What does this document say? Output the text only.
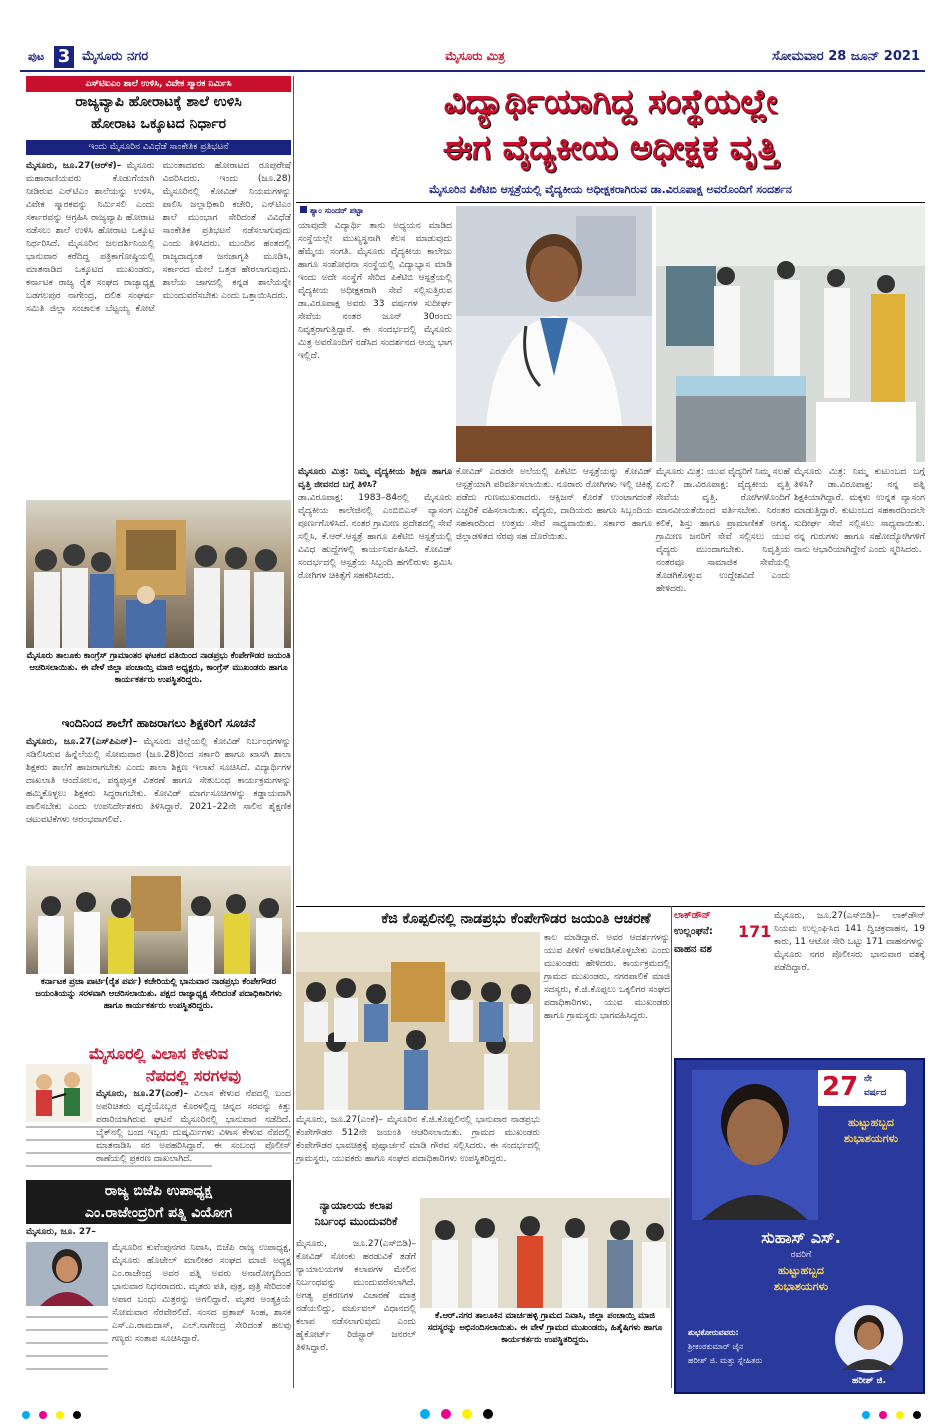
ಪುಟ 3 ಮೈಸೂರು ನಗರ	ಮೈಸೂರು ಮಿತ್ರ	ಸೋಮವಾರ 28 ಜೂನ್ 2021
ಎಸ್‌ಟಿಐಎಂ ಶಾಲೆ ಉಳಿಸಿ, ವಿವೇಕ ಸ್ಮಾರಕ ನಿರ್ಮಿಸಿ
ರಾಜ್ಯವ್ಯಾಪಿ ಹೋರಾಟಕ್ಕೆ ಶಾಲೆ ಉಳಿಸಿ
ಹೋರಾಟ ಒಕ್ಕೂಟದ ನಿರ್ಧಾರ
ಇಂದು ಮೈಸೂರಿನ ವಿವಿಧೆಡೆ ಸಾಂಕೇತಿಕ ಪ್ರತಿಭಟನೆ
ಮೈಸೂರು, ಜೂ.27(ಆರ್‌ಕೆ)– ಮೈಸೂರು ಮಹಾರಾಣಿಯವರು ಕೊಡುಗೆಯಾಗಿ ನೀಡಿರುವ ಎನ್‌ಟಿಎಂ ಶಾಲೆಯನ್ನು ಉಳಿಸಿ, ವಿವೇಕ ಸ್ಮಾರಕವನ್ನು ನಿರ್ಮಿಸಲಿ ಎಂದು ಸರ್ಕಾರವನ್ನು ಆಗ್ರಹಿಸಿ ರಾಜ್ಯವ್ಯಾಪಿ ಹೋರಾಟ ನಡೆಸಲು ಶಾಲೆ ಉಳಿಸಿ ಹೋರಾಟ ಒಕ್ಕೂಟ ನಿರ್ಧರಿಸಿದೆ. ಮೈಸೂರಿನ ಜಲದರ್ಶಿನಿಯಲ್ಲಿ ಭಾನುವಾರ ಕರೆದಿದ್ದ ಪತ್ರಿಕಾಗೋಷ್ಠಿಯಲ್ಲಿ ಮಾತನಾಡಿದ ಒಕ್ಕೂಟದ ಮುಖಂಡರು, ಕರ್ನಾಟಕ ರಾಜ್ಯ ರೈತ ಸಂಘದ ರಾಜ್ಯಾಧ್ಯಕ್ಷ ಬಡಗಲಪುರ ನಾಗೇಂದ್ರ, ದಲಿತ ಸಂಘರ್ಷ ಸಮಿತಿ ಜಿಲ್ಲಾ ಸಂಚಾಲಕ ಬೆಟ್ಟಯ್ಯ ಕೋಟೆ ಮುಂತಾದವರು ಹೋರಾಟದ ರೂಪುರೇಷೆ ವಿವರಿಸಿದರು. ಇಂದು (ಜೂ.28) ಮೈಸೂರಿನಲ್ಲಿ ಕೋವಿಡ್ ನಿಯಮಗಳನ್ನು ಪಾಲಿಸಿ ಜಲ್ಲಾಧಿಕಾರಿ ಕಚೇರಿ, ಎನ್‌ಟಿಎಂ ಶಾಲೆ ಮುಂಭಾಗ ಸೇರಿದಂತೆ ವಿವಿಧೆಡೆ ಸಾಂಕೇತಿಕ ಪ್ರತಿಭಟನೆ ನಡೆಸಲಾಗುವುದು ಎಂದು ತಿಳಿಸಿದರು. ಮುಂದಿನ ಹಂತದಲ್ಲಿ ರಾಜ್ಯದಾದ್ಯಂತ ಜನಜಾಗೃತಿ ಮೂಡಿಸಿ, ಸರ್ಕಾರದ ಮೇಲೆ ಒತ್ತಡ ಹೇರಲಾಗುವುದು. ಶಾಲೆಯ ಜಾಗದಲ್ಲಿ ಕನ್ನಡ ಶಾಲೆಯನ್ನೇ ಮುಂದುವರೆಸಬೇಕು ಎಂದು ಒತ್ತಾಯಿಸಿದರು.
ಮೈಸೂರು ತಾಲೂಕು ಕಾಂಗ್ರೆಸ್ ಗ್ರಾಮಾಂತರ ಘಟಕದ ವತಿಯಿಂದ ನಾಡಪ್ರಭು ಕೆಂಪೇಗೌಡರ ಜಯಂತಿ ಆಚರಿಸಲಾಯಿತು. ಈ ವೇಳೆ ಜಿಲ್ಲಾ ಪಂಚಾಯ್ತಿ ಮಾಜಿ ಅಧ್ಯಕ್ಷರು, ಕಾಂಗ್ರೆಸ್ ಮುಖಂಡರು ಹಾಗೂ ಕಾರ್ಯಕರ್ತರು ಉಪಸ್ಥಿತರಿದ್ದರು.
ಇಂದಿನಿಂದ ಶಾಲೆಗೆ ಹಾಜರಾಗಲು ಶಿಕ್ಷಕರಿಗೆ ಸೂಚನೆ
ಮೈಸೂರು, ಜೂ.27(ಎಸ್‌ಪಿಎನ್)– ಮೈಸೂರು ಜಿಲ್ಲೆಯಲ್ಲಿ ಕೋವಿಡ್ ನಿರ್ಬಂಧಗಳನ್ನು ಸಡಿಲಿಸಿರುವ ಹಿನ್ನೆಲೆಯಲ್ಲಿ ಸೋಮವಾರ (ಜೂ.28)ರಿಂದ ಸರ್ಕಾರಿ ಹಾಗೂ ಖಾಸಗಿ ಶಾಲಾ ಶಿಕ್ಷಕರು ಶಾಲೆಗೆ ಹಾಜರಾಗಬೇಕು ಎಂದು ಶಾಲಾ ಶಿಕ್ಷಣ ಇಲಾಖೆ ಸೂಚಿಸಿದೆ. ವಿದ್ಯಾರ್ಥಿಗಳ ದಾಖಲಾತಿ ಆಂದೋಲನ, ಪಠ್ಯಪುಸ್ತಕ ವಿತರಣೆ ಹಾಗೂ ಸೇತುಬಂಧ ಕಾರ್ಯಕ್ರಮಗಳನ್ನು ಹಮ್ಮಿಕೊಳ್ಳಲು ಶಿಕ್ಷಕರು ಸಿದ್ಧರಾಗಬೇಕು. ಕೋವಿಡ್ ಮಾರ್ಗಸೂಚಿಗಳನ್ನು ಕಡ್ಡಾಯವಾಗಿ ಪಾಲಿಸಬೇಕು ಎಂದು ಉಪನಿರ್ದೇಶಕರು ತಿಳಿಸಿದ್ದಾರೆ. 2021–22ನೇ ಸಾಲಿನ ಶೈಕ್ಷಣಿಕ ಚಟುವಟಿಕೆಗಳು ಆರಂಭವಾಗಲಿವೆ.
ಕರ್ನಾಟಕ ಪ್ರಜಾ ಪಾರ್ಟಿ(ರೈತ ಪರ್ವ) ಕಚೇರಿಯಲ್ಲಿ ಭಾನುವಾರ ನಾಡಪ್ರಭು ಕೆಂಪೇಗೌಡರ ಜಯಂತಿಯನ್ನು ಸರಳವಾಗಿ ಆಚರಿಸಲಾಯಿತು. ಪಕ್ಷದ ರಾಜ್ಯಾಧ್ಯಕ್ಷ ಸೇರಿದಂತೆ ಪದಾಧಿಕಾರಿಗಳು ಹಾಗೂ ಕಾರ್ಯಕರ್ತರು ಉಪಸ್ಥಿತರಿದ್ದರು.
ಮೈಸೂರಲ್ಲಿ ವಿಲಾಸ ಕೇಳುವ
ನೆಪದಲ್ಲಿ ಸರಗಳವು
ಮೈಸೂರು, ಜೂ.27(ಎಂಕೆ)– ವಿಲಾಸ ಕೇಳುವ ನೆಪದಲ್ಲಿ ಬಂದ ಅಪರಿಚಿತರು ವೃದ್ಧೆಯೊಬ್ಬರ ಕೊರಳಲ್ಲಿದ್ದ ಚಿನ್ನದ ಸರವನ್ನು ಕಿತ್ತು ಪರಾರಿಯಾಗಿರುವ ಘಟನೆ ಮೈಸೂರಿನಲ್ಲಿ ಭಾನುವಾರ ನಡೆದಿದೆ. ಬೈಕ್‌ನಲ್ಲಿ ಬಂದ ಇಬ್ಬರು ದುಷ್ಕರ್ಮಿಗಳು ವಿಳಾಸ ಕೇಳುವ ನೆಪದಲ್ಲಿ ಮಾತನಾಡಿಸಿ ಸರ ಅಪಹರಿಸಿದ್ದಾರೆ. ಈ ಸಂಬಂಧ ಪೊಲೀಸ್ ಠಾಣೆಯಲ್ಲಿ ಪ್ರಕರಣ ದಾಖಲಾಗಿದೆ.
ರಾಜ್ಯ ಬಿಜೆಪಿ ಉಪಾಧ್ಯಕ್ಷ
ಎಂ.ರಾಜೇಂದ್ರರಿಗೆ ಪತ್ನಿ ವಿಯೋಗ
ಮೈಸೂರು, ಜೂ. 27–
ಮೈಸೂರಿನ ಕುವೆಂಪುನಗರ ನಿವಾಸಿ, ಬಿಜೆಪಿ ರಾಜ್ಯ ಉಪಾಧ್ಯಕ್ಷ, ಮೈಸೂರು ಹೊಟೇಲ್ ಮಾಲೀಕರ ಸಂಘದ ಮಾಜಿ ಅಧ್ಯಕ್ಷ ಎಂ.ರಾಜೇಂದ್ರ ಅವರ ಪತ್ನಿ ಅವರು ಅನಾರೋಗ್ಯದಿಂದ ಭಾನುವಾರ ನಿಧನರಾದರು. ಮೃತರು ಪತಿ, ಪುತ್ರ, ಪುತ್ರಿ ಸೇರಿದಂತೆ ಅಪಾರ ಬಂಧು ಮಿತ್ರರನ್ನು ಅಗಲಿದ್ದಾರೆ. ಮೃತರ ಅಂತ್ಯಕ್ರಿಯೆ ಸೋಮವಾರ ನೆರವೇರಲಿದೆ. ಸಂಸದ ಪ್ರತಾಪ್ ಸಿಂಹ, ಶಾಸಕ ಎಸ್.ಎ.ರಾಮದಾಸ್, ಎಲ್.ನಾಗೇಂದ್ರ ಸೇರಿದಂತೆ ಹಲವು ಗಣ್ಯರು ಸಂತಾಪ ಸೂಚಿಸಿದ್ದಾರೆ.
ವಿದ್ಯಾರ್ಥಿಯಾಗಿದ್ದ ಸಂಸ್ಥೆಯಲ್ಲೇ
ಈಗ ವೈದ್ಯಕೀಯ ಅಧೀಕ್ಷಕ ವೃತ್ತಿ
ಮೈಸೂರಿನ ಪಿಕೆಟಿಬಿ ಆಸ್ಪತ್ರೆಯಲ್ಲಿ ವೈದ್ಯಕೀಯ ಅಧೀಕ್ಷಕರಾಗಿರುವ ಡಾ.ವಿರೂಪಾಕ್ಷ ಅವರೊಂದಿಗೆ ಸಂದರ್ಶನ
ಶ್ಯಾಂ ಸುಂದರ್ ಪಟ್ಟಾ
ಯಾವುದೇ ವಿದ್ಯಾರ್ಥಿ ತಾನು ಅಧ್ಯಯನ ಮಾಡಿದ ಸಂಸ್ಥೆಯಲ್ಲೇ ಮುಖ್ಯಸ್ಥನಾಗಿ ಕೆಲಸ ಮಾಡುವುದು ಹೆಮ್ಮೆಯ ಸಂಗತಿ. ಮೈಸೂರು ವೈದ್ಯಕೀಯ ಕಾಲೇಜು ಹಾಗೂ ಸಂಶೋಧನಾ ಸಂಸ್ಥೆಯಲ್ಲಿ ವಿದ್ಯಾಭ್ಯಾಸ ಮಾಡಿ ಇಂದು ಅದೇ ಸಂಸ್ಥೆಗೆ ಸೇರಿದ ಪಿಕೆಟಿಬಿ ಆಸ್ಪತ್ರೆಯಲ್ಲಿ ವೈದ್ಯಕೀಯ ಅಧೀಕ್ಷಕರಾಗಿ ಸೇವೆ ಸಲ್ಲಿಸುತ್ತಿರುವ ಡಾ.ವಿರೂಪಾಕ್ಷ ಅವರು 33 ವರ್ಷಗಳ ಸುದೀರ್ಘ ಸೇವೆಯ ನಂತರ ಜೂನ್ 30ರಂದು ನಿವೃತ್ತರಾಗುತ್ತಿದ್ದಾರೆ. ಈ ಸಂದರ್ಭದಲ್ಲಿ ಮೈಸೂರು ಮಿತ್ರ ಅವರೊಂದಿಗೆ ನಡೆಸಿದ ಸಂದರ್ಶನದ ಆಯ್ದ ಭಾಗ ಇಲ್ಲಿದೆ.
ಕೋವಿಡ್ ಎರಡನೇ ಅಲೆಯಲ್ಲಿ ಪಿಕೆಟಿಬಿ ಆಸ್ಪತ್ರೆಯನ್ನು ಕೋವಿಡ್ ಆಸ್ಪತ್ರೆಯಾಗಿ ಪರಿವರ್ತಿಸಲಾಯಿತು. ನೂರಾರು ರೋಗಿಗಳು ಇಲ್ಲಿ ಚಿಕಿತ್ಸೆ ಪಡೆದು ಗುಣಮುಖರಾದರು. ಆಕ್ಸಿಜನ್ ಕೊರತೆ ಉಂಟಾಗದಂತೆ ಎಚ್ಚರಿಕೆ ವಹಿಸಲಾಯಿತು. ವೈದ್ಯರು, ದಾದಿಯರು ಹಾಗೂ ಸಿಬ್ಬಂದಿಯ ಸಹಕಾರದಿಂದ ಉತ್ತಮ ಸೇವೆ ಸಾಧ್ಯವಾಯಿತು. ಸರ್ಕಾರ ಹಾಗೂ ಜಿಲ್ಲಾಡಳಿತದ ನೆರವು ಸಹ ದೊರೆಯಿತು.
ಮೈಸೂರು ಮಿತ್ರ: ಯುವ ವೈದ್ಯರಿಗೆ ನಿಮ್ಮ ಸಲಹೆ ಏನು? ಡಾ.ವಿರೂಪಾಕ್ಷ: ವೈದ್ಯಕೀಯ ವೃತ್ತಿ ಸೇವೆಯ ವೃತ್ತಿ. ರೋಗಿಗಳೊಂದಿಗೆ ಮಾನವೀಯತೆಯಿಂದ ವರ್ತಿಸಬೇಕು. ನಿರಂತರ ಕಲಿಕೆ, ಶಿಸ್ತು ಹಾಗೂ ಪ್ರಾಮಾಣಿಕತೆ ಅಗತ್ಯ. ಗ್ರಾಮೀಣ ಜನರಿಗೆ ಸೇವೆ ಸಲ್ಲಿಸಲು ಯುವ ವೈದ್ಯರು ಮುಂದಾಗಬೇಕು. ನಿವೃತ್ತಿಯ ನಂತರವೂ ಸಾಮಾಜಿಕ ಸೇವೆಯಲ್ಲಿ ತೊಡಗಿಕೊಳ್ಳುವ ಉದ್ದೇಶವಿದೆ ಎಂದು ಹೇಳಿದರು.
ಮೈಸೂರು ಮಿತ್ರ: ನಿಮ್ಮ ಕುಟುಂಬದ ಬಗ್ಗೆ ತಿಳಿಸಿ? ಡಾ.ವಿರೂಪಾಕ್ಷ: ನನ್ನ ಪತ್ನಿ ಶಿಕ್ಷಕಿಯಾಗಿದ್ದಾರೆ. ಮಕ್ಕಳು ಉನ್ನತ ವ್ಯಾಸಂಗ ಮಾಡುತ್ತಿದ್ದಾರೆ. ಕುಟುಂಬದ ಸಹಕಾರದಿಂದಲೇ ಸುದೀರ್ಘ ಸೇವೆ ಸಲ್ಲಿಸಲು ಸಾಧ್ಯವಾಯಿತು. ನನ್ನ ಗುರುಗಳು ಹಾಗೂ ಸಹೋದ್ಯೋಗಿಗಳಿಗೆ ನಾನು ಆಭಾರಿಯಾಗಿದ್ದೇನೆ ಎಂದು ಸ್ಮರಿಸಿದರು.
ಮೈಸೂರು ಮಿತ್ರ: ನಿಮ್ಮ ವೈದ್ಯಕೀಯ ಶಿಕ್ಷಣ ಹಾಗೂ ವೃತ್ತಿ ಜೀವನದ ಬಗ್ಗೆ ತಿಳಿಸಿ?
ಡಾ.ವಿರೂಪಾಕ್ಷ: 1983–84ರಲ್ಲಿ ಮೈಸೂರು ವೈದ್ಯಕೀಯ ಕಾಲೇಜಿನಲ್ಲಿ ಎಂಬಿಬಿಎಸ್ ವ್ಯಾಸಂಗ ಪೂರ್ಣಗೊಳಿಸಿದೆ. ನಂತರ ಗ್ರಾಮೀಣ ಪ್ರದೇಶದಲ್ಲಿ ಸೇವೆ ಸಲ್ಲಿಸಿ, ಕೆ.ಆರ್.ಆಸ್ಪತ್ರೆ ಹಾಗೂ ಪಿಕೆಟಿಬಿ ಆಸ್ಪತ್ರೆಯಲ್ಲಿ ವಿವಿಧ ಹುದ್ದೆಗಳಲ್ಲಿ ಕಾರ್ಯನಿರ್ವಹಿಸಿದೆ. ಕೋವಿಡ್ ಸಂದರ್ಭದಲ್ಲಿ ಆಸ್ಪತ್ರೆಯ ಸಿಬ್ಬಂದಿ ಹಗಲಿರುಳು ಶ್ರಮಿಸಿ ರೋಗಿಗಳ ಚಿಕಿತ್ಸೆಗೆ ಸಹಕರಿಸಿದರು.
ಕೆಜಿ ಕೊಪ್ಪಲಿನಲ್ಲಿ ನಾಡಪ್ರಭು ಕೆಂಪೇಗೌಡರ ಜಯಂತಿ ಆಚರಣೆ
ಮೈಸೂರು, ಜೂ.27(ಎಂಕೆ)– ಮೈಸೂರಿನ ಕೆ.ಜಿ.ಕೊಪ್ಪಲಿನಲ್ಲಿ ಭಾನುವಾರ ನಾಡಪ್ರಭು ಕೆಂಪೇಗೌಡರ 512ನೇ ಜಯಂತಿ ಆಚರಿಸಲಾಯಿತು. ಗ್ರಾಮದ ಮುಖಂಡರು ಕೆಂಪೇಗೌಡರ ಭಾವಚಿತ್ರಕ್ಕೆ ಪುಷ್ಪಾರ್ಚನೆ ಮಾಡಿ ಗೌರವ ಸಲ್ಲಿಸಿದರು. ಈ ಸಂದರ್ಭದಲ್ಲಿ ಗ್ರಾಮಸ್ಥರು, ಯುವಕರು ಹಾಗೂ ಸಂಘದ ಪದಾಧಿಕಾರಿಗಳು ಉಪಸ್ಥಿತರಿದ್ದರು.
ಕಾಲ ಮಾಡಿದ್ದಾರೆ. ಅವರ ಆದರ್ಶಗಳನ್ನು ಯುವ ಪೀಳಿಗೆ ಅಳವಡಿಸಿಕೊಳ್ಳಬೇಕು ಎಂದು ಮುಖಂಡರು ಹೇಳಿದರು. ಕಾರ್ಯಕ್ರಮದಲ್ಲಿ ಗ್ರಾಮದ ಮುಖಂಡರು, ನಗರಪಾಲಿಕೆ ಮಾಜಿ ಸದಸ್ಯರು, ಕೆ.ಜಿ.ಕೊಪ್ಪಲು ಒಕ್ಕಲಿಗರ ಸಂಘದ ಪದಾಧಿಕಾರಿಗಳು, ಯುವ ಮುಖಂಡರು ಹಾಗೂ ಗ್ರಾಮಸ್ಥರು ಭಾಗವಹಿಸಿದ್ದರು.
ನ್ಯಾಯಾಲಯ ಕಲಾಪ
ನಿರ್ಬಂಧ ಮುಂದುವರಿಕೆ
ಮೈಸೂರು, ಜೂ.27(ಎಸ್‌ಬಿಡಿ)– ಕೋವಿಡ್ ಸೋಂಕು ಹರಡುವಿಕೆ ತಡೆಗೆ ನ್ಯಾಯಾಲಯಗಳ ಕಲಾಪಗಳ ಮೇಲಿನ ನಿರ್ಬಂಧವನ್ನು ಮುಂದುವರೆಸಲಾಗಿದೆ. ಅಗತ್ಯ ಪ್ರಕರಣಗಳ ವಿಚಾರಣೆ ಮಾತ್ರ ನಡೆಯಲಿದ್ದು, ವರ್ಚುವಲ್ ವಿಧಾನದಲ್ಲಿ ಕಲಾಪ ನಡೆಸಲಾಗುವುದು ಎಂದು ಹೈಕೋರ್ಟ್ ರಿಜಿಸ್ಟ್ರಾರ್ ಜನರಲ್ ತಿಳಿಸಿದ್ದಾರೆ.
ಕೆ.ಆರ್.ನಗರ ತಾಲೂಕಿನ ಮಾರ್ಚಹಳ್ಳಿ ಗ್ರಾಮದ ನಿವಾಸಿ, ಜಿಲ್ಲಾ ಪಂಚಾಯ್ತಿ ಮಾಜಿ ಸದಸ್ಯರನ್ನು ಅಭಿನಂದಿಸಲಾಯಿತು. ಈ ವೇಳೆ ಗ್ರಾಮದ ಮುಖಂಡರು, ಹಿತೈಷಿಗಳು ಹಾಗೂ ಕಾರ್ಯಕರ್ತರು ಉಪಸ್ಥಿತರಿದ್ದರು.
ಲಾಕ್‌ಡೌನ್
ಉಲ್ಲಂಘನೆ:	171
ವಾಹನ ವಶ
ಮೈಸೂರು, ಜೂ.27(ಎಸ್‌ಬಿಡಿ)– ಲಾಕ್‌ಡೌನ್ ನಿಯಮ ಉಲ್ಲಂಘಿಸಿದ 141 ದ್ವಿಚಕ್ರವಾಹನ, 19 ಕಾರು, 11 ಆಟೋ ಸೇರಿ ಒಟ್ಟು 171 ವಾಹನಗಳನ್ನು ಮೈಸೂರು ನಗರ ಪೊಲೀಸರು ಭಾನುವಾರ ವಶಕ್ಕೆ ಪಡೆದಿದ್ದಾರೆ.
27 ನೇ
ವರ್ಷದ
ಹುಟ್ಟುಹಬ್ಬದ
ಶುಭಾಶಯಗಳು
ಸುಹಾಸ್ ಎಸ್.
ರವರಿಗೆ
ಹುಟ್ಟುಹಬ್ಬದ
ಶುಭಾಶಯಗಳು
ಶುಭಕೋರುವವರು:
ಶ್ರೀಕಂಠಕುಮಾರ್ ಜೈನ
ಹರೀಶ್ ಜಿ. ಮತ್ತು ಸ್ನೇಹಿತರು
ಹರೀಶ್ ಜಿ.
